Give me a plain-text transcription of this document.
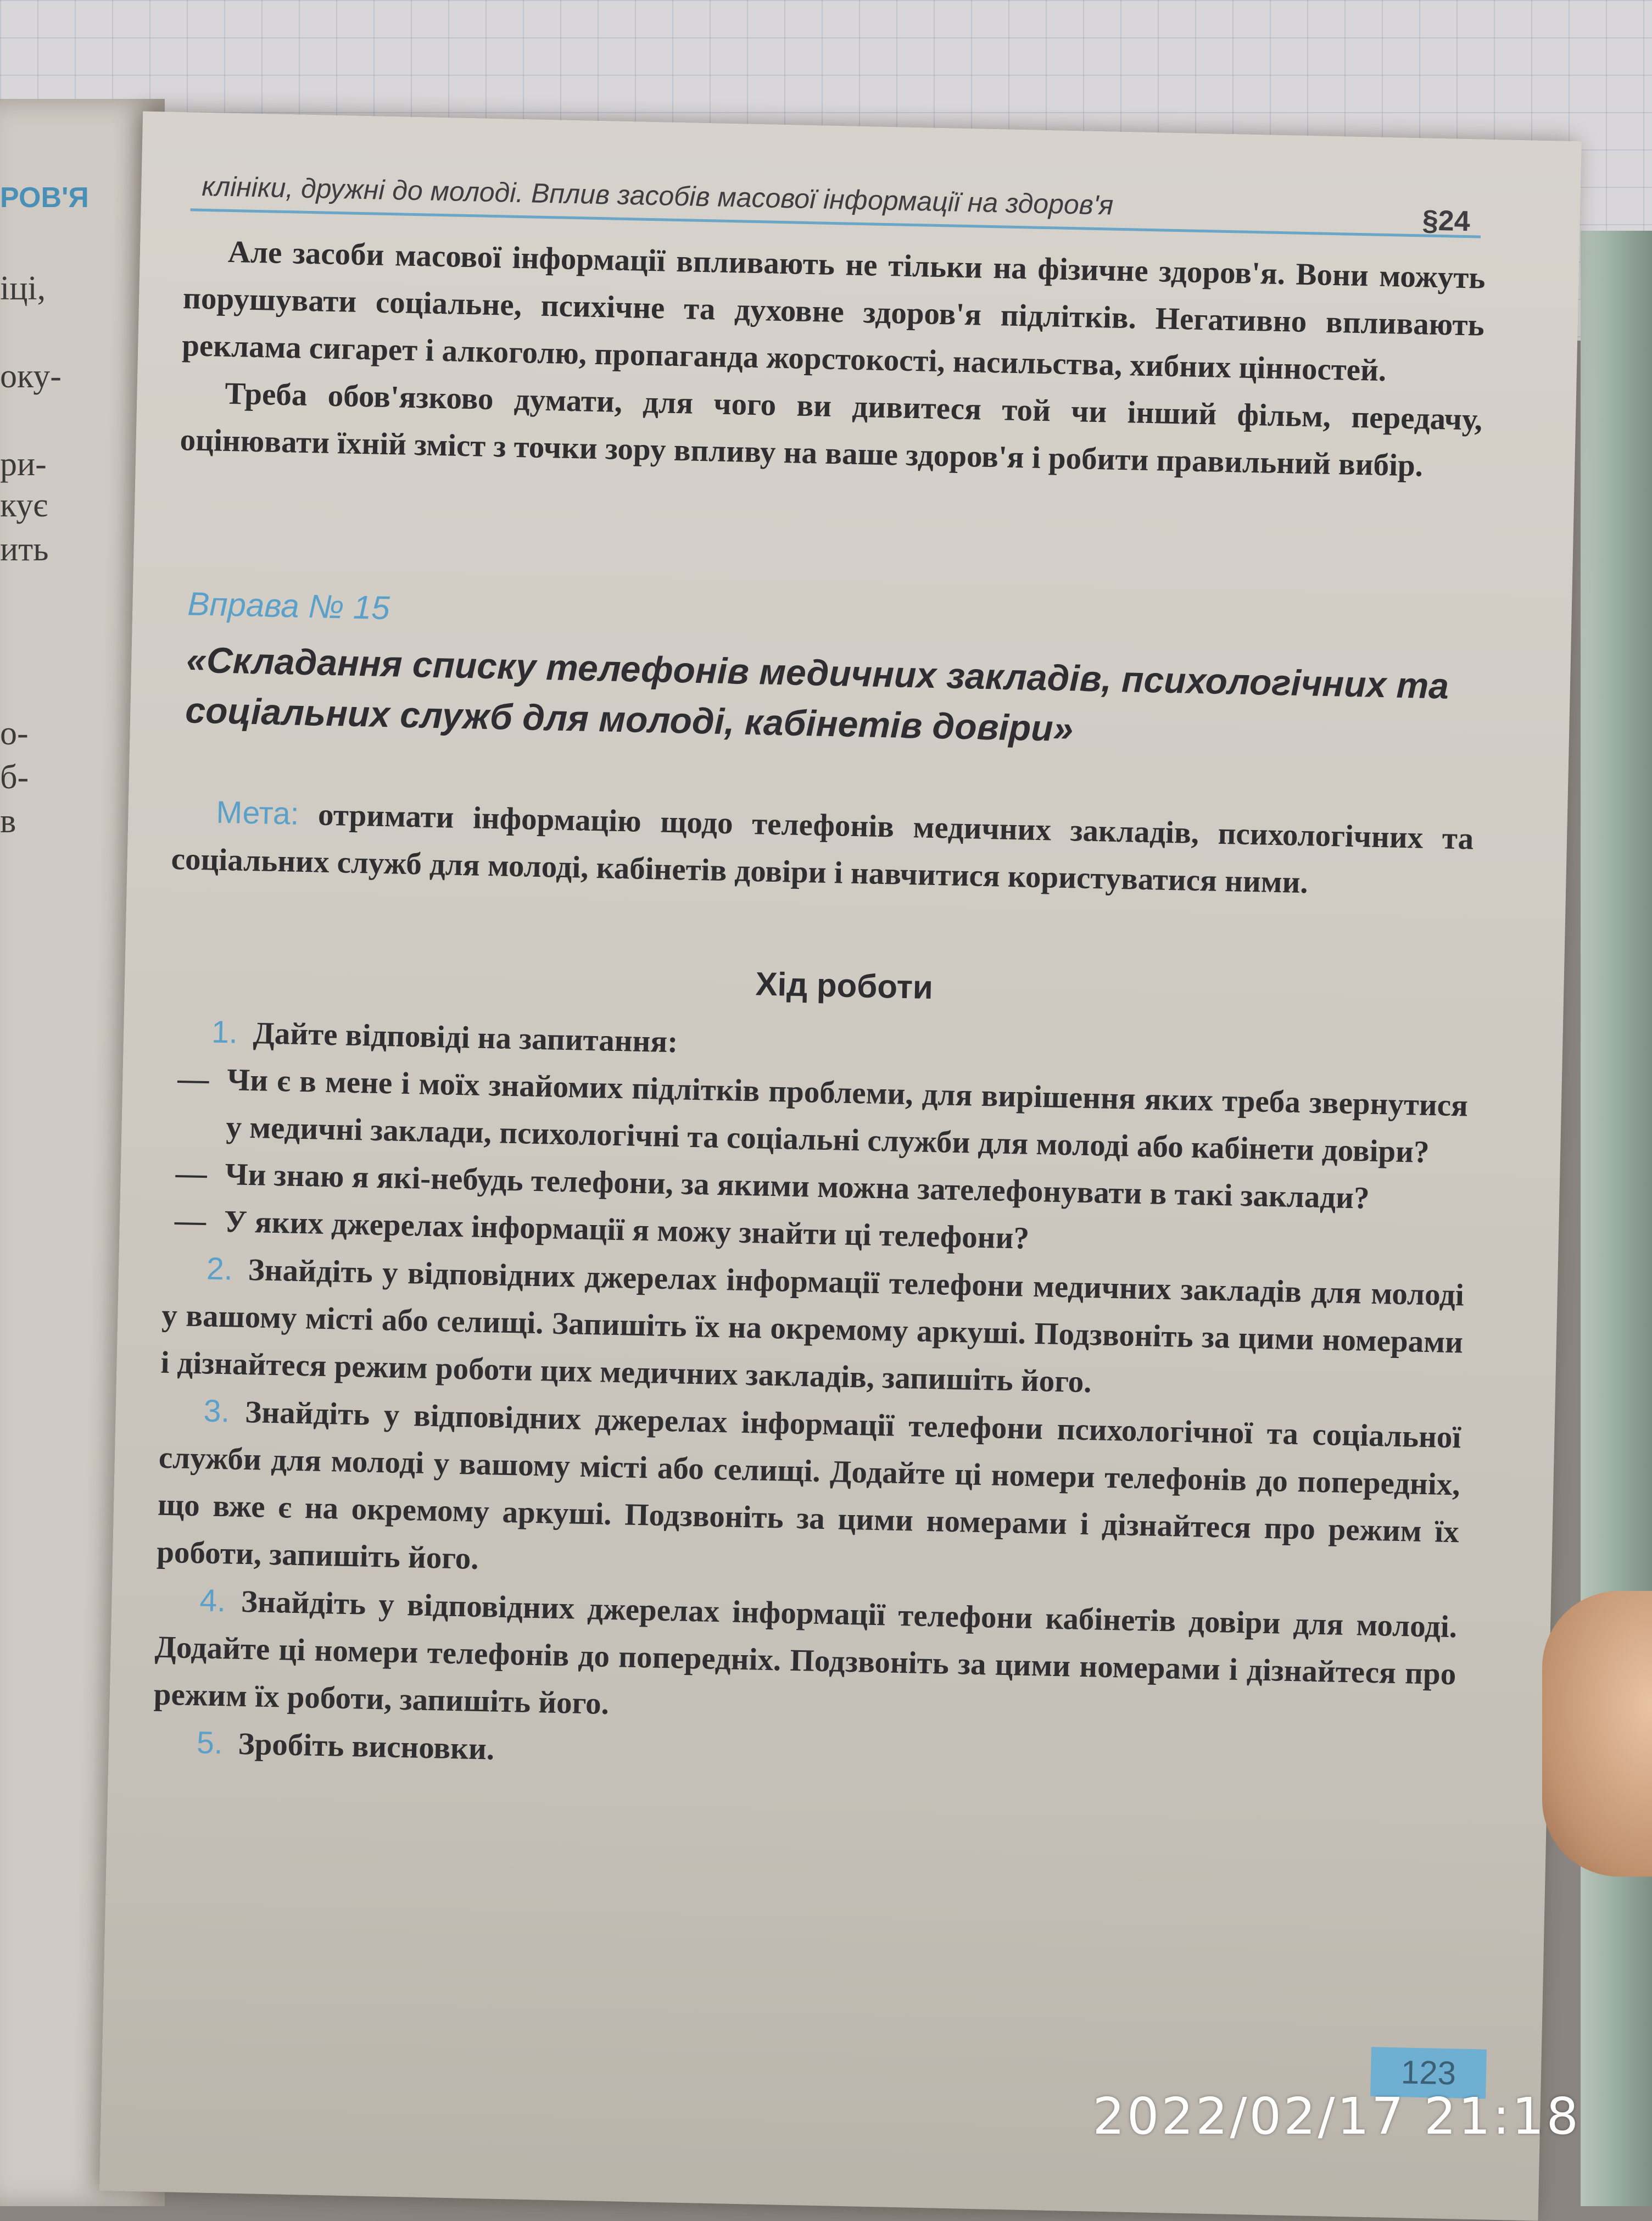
РОВ'Я
іці,
оку-
ри-
кує
ить
о-
б-
в
клініки, дружні до молоді. Вплив засобів масової інформації на здоров'я
§24

Але засоби масової інформації впливають не тільки на фізичне здоров'я. Вони можуть порушувати соціальне, психічне та духовне здоров'я підлітків. Негативно впливають реклама сигарет і алкоголю, пропаганда жорстокості, насильства, хибних цінностей.

Треба обов'язково думати, для чого ви дивитеся той чи інший фільм, передачу, оцінювати їхній зміст з точки зору впливу на ваше здоров'я і робити правильний вибір.

Вправа № 15
«Складання списку телефонів медичних закладів, психологічних та соціальних служб для молоді, кабінетів довіри»
Мета: отримати інформацію щодо телефонів медичних закладів, психологічних та соціальних служб для молоді, кабінетів довіри і навчитися користуватися ними.
Хід роботи

1. Дайте відповіді на запитання:

— Чи є в мене і моїх знайомих підлітків проблеми, для вирішення яких треба звернутися у медичні заклади, психологічні та соціальні служби для молоді або кабінети довіри?

— Чи знаю я які-небудь телефони, за якими можна зателефонувати в такі заклади?

— У яких джерелах інформації я можу знайти ці телефони?

2. Знайдіть у відповідних джерелах інформації телефони медичних закладів для молоді у вашому місті або селищі. Запишіть їх на окремому аркуші. Подзвоніть за цими номерами і дізнайтеся режим роботи цих медичних закладів, запишіть його.

3. Знайдіть у відповідних джерелах інформації телефони психологічної та соціальної служби для молоді у вашому місті або селищі. Додайте ці номери телефонів до попередніх, що вже є на окремому аркуші. Подзвоніть за цими номерами і дізнайтеся про режим їх роботи, запишіть його.

4. Знайдіть у відповідних джерелах інформації телефони кабінетів довіри для молоді. Додайте ці номери телефонів до попередніх. Подзвоніть за цими номерами і дізнайтеся про режим їх роботи, запишіть його.

5. Зробіть висновки.

123
2022/02/17 21:18
